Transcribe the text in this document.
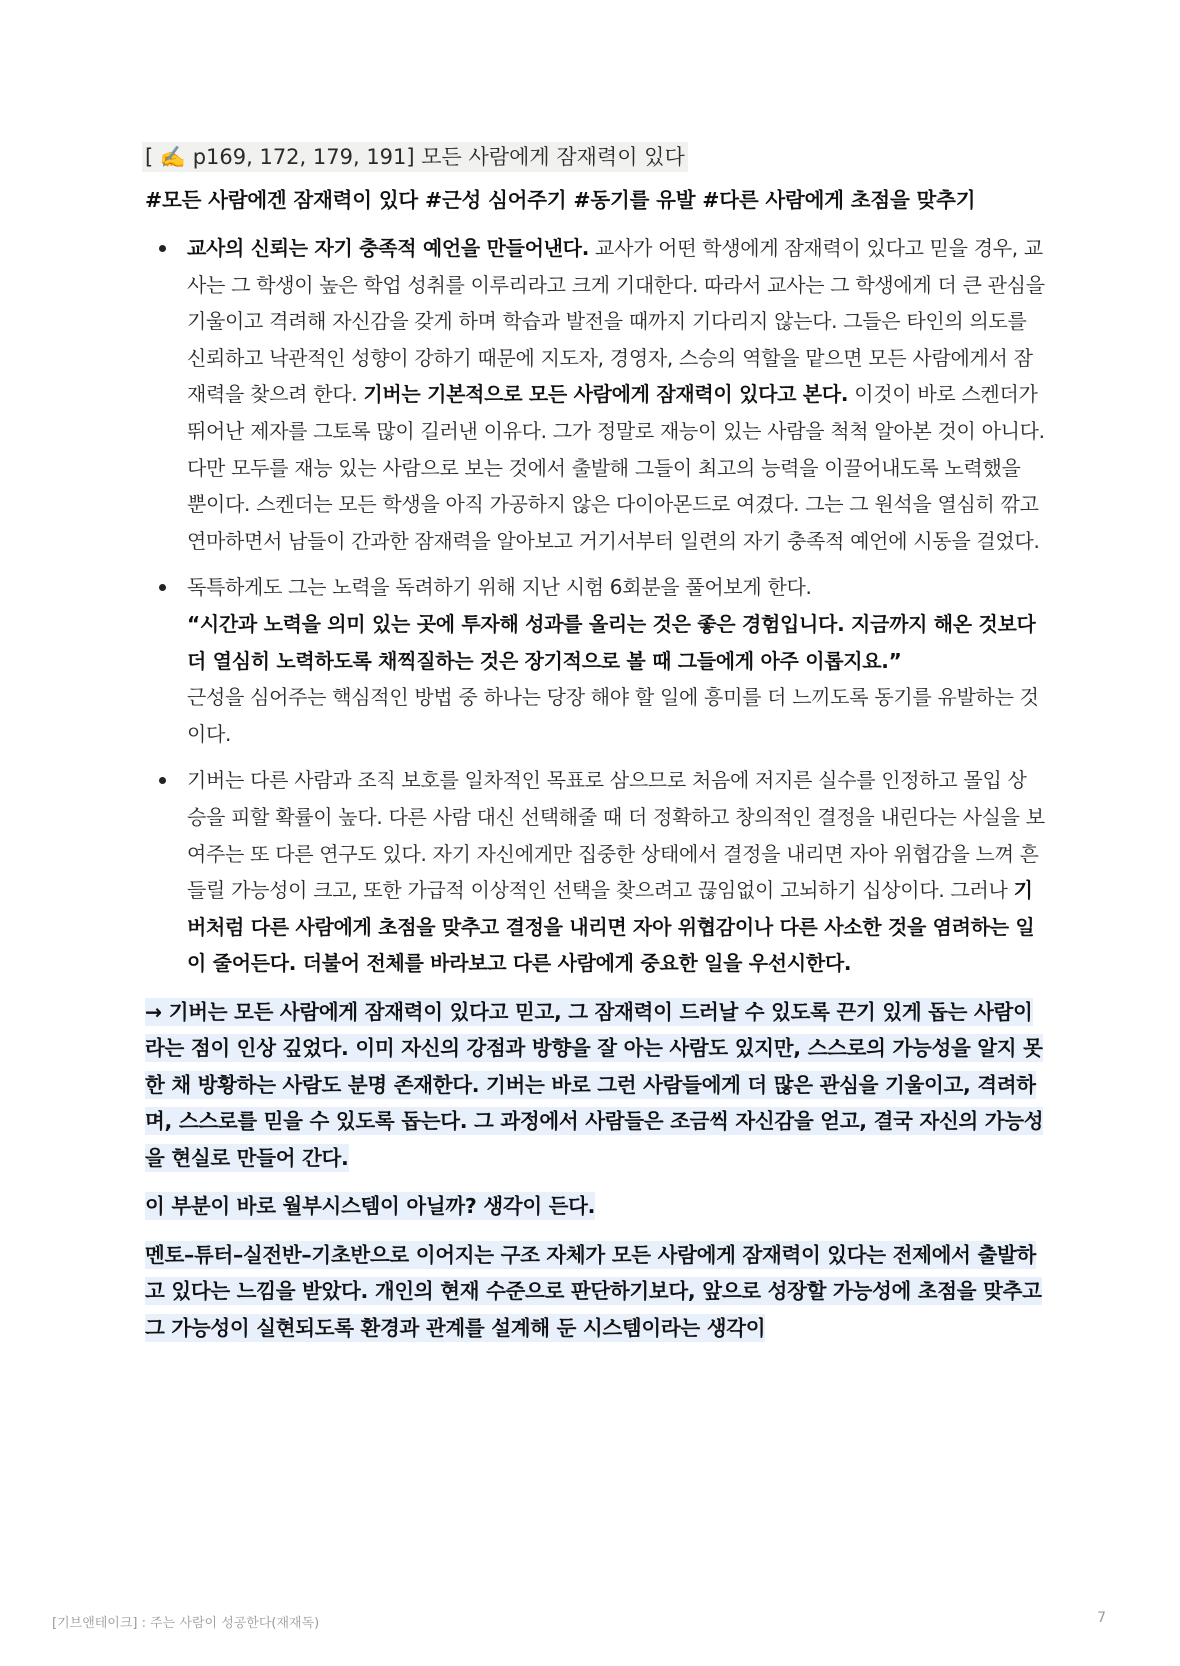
[ ✍️ p169, 172, 179, 191] 모든 사람에게 잠재력이 있다
#모든 사람에겐 잠재력이 있다 #근성 심어주기 #동기를 유발 #다른 사람에게 초점을 맞추기
교사의 신뢰는 자기 충족적 예언을 만들어낸다. 교사가 어떤 학생에게 잠재력이 있다고 믿을 경우, 교사는 그 학생이 높은 학업 성취를 이루리라고 크게 기대한다. 따라서 교사는 그 학생에게 더 큰 관심을 기울이고 격려해 자신감을 갖게 하며 학습과 발전을 때까지 기다리지 않는다. 그들은 타인의 의도를 신뢰하고 낙관적인 성향이 강하기 때문에 지도자, 경영자, 스승의 역할을 맡으면 모든 사람에게서 잠재력을 찾으려 한다. 기버는 기본적으로 모든 사람에게 잠재력이 있다고 본다. 이것이 바로 스켄더가 뛰어난 제자를 그토록 많이 길러낸 이유다. 그가 정말로 재능이 있는 사람을 척척 알아본 것이 아니다. 다만 모두를 재능 있는 사람으로 보는 것에서 출발해 그들이 최고의 능력을 이끌어내도록 노력했을 뿐이다. 스켄더는 모든 학생을 아직 가공하지 않은 다이아몬드로 여겼다. 그는 그 원석을 열심히 깎고 연마하면서 남들이 간과한 잠재력을 알아보고 거기서부터 일련의 자기 충족적 예언에 시동을 걸었다.
독특하게도 그는 노력을 독려하기 위해 지난 시험 6회분을 풀어보게 한다.
“시간과 노력을 의미 있는 곳에 투자해 성과를 올리는 것은 좋은 경험입니다. 지금까지 해온 것보다 더 열심히 노력하도록 채찍질하는 것은 장기적으로 볼 때 그들에게 아주 이롭지요.”
근성을 심어주는 핵심적인 방법 중 하나는 당장 해야 할 일에 흥미를 더 느끼도록 동기를 유발하는 것이다.
기버는 다른 사람과 조직 보호를 일차적인 목표로 삼으므로 처음에 저지른 실수를 인정하고 몰입 상승을 피할 확률이 높다. 다른 사람 대신 선택해줄 때 더 정확하고 창의적인 결정을 내린다는 사실을 보여주는 또 다른 연구도 있다. 자기 자신에게만 집중한 상태에서 결정을 내리면 자아 위협감을 느껴 흔들릴 가능성이 크고, 또한 가급적 이상적인 선택을 찾으려고 끊임없이 고뇌하기 십상이다. 그러나 기버처럼 다른 사람에게 초점을 맞추고 결정을 내리면 자아 위협감이나 다른 사소한 것을 염려하는 일이 줄어든다. 더불어 전체를 바라보고 다른 사람에게 중요한 일을 우선시한다.
→ 기버는 모든 사람에게 잠재력이 있다고 믿고, 그 잠재력이 드러날 수 있도록 끈기 있게 돕는 사람이라는 점이 인상 깊었다. 이미 자신의 강점과 방향을 잘 아는 사람도 있지만, 스스로의 가능성을 알지 못한 채 방황하는 사람도 분명 존재한다. 기버는 바로 그런 사람들에게 더 많은 관심을 기울이고, 격려하며, 스스로를 믿을 수 있도록 돕는다. 그 과정에서 사람들은 조금씩 자신감을 얻고, 결국 자신의 가능성을 현실로 만들어 간다.
이 부분이 바로 월부시스템이 아닐까? 생각이 든다.
멘토–튜터–실전반–기초반으로 이어지는 구조 자체가 모든 사람에게 잠재력이 있다는 전제에서 출발하고 있다는 느낌을 받았다. 개인의 현재 수준으로 판단하기보다, 앞으로 성장할 가능성에 초점을 맞추고 그 가능성이 실현되도록 환경과 관계를 설계해 둔 시스템이라는 생각이
[기브앤테이크] : 주는 사람이 성공한다(재재독)	7
